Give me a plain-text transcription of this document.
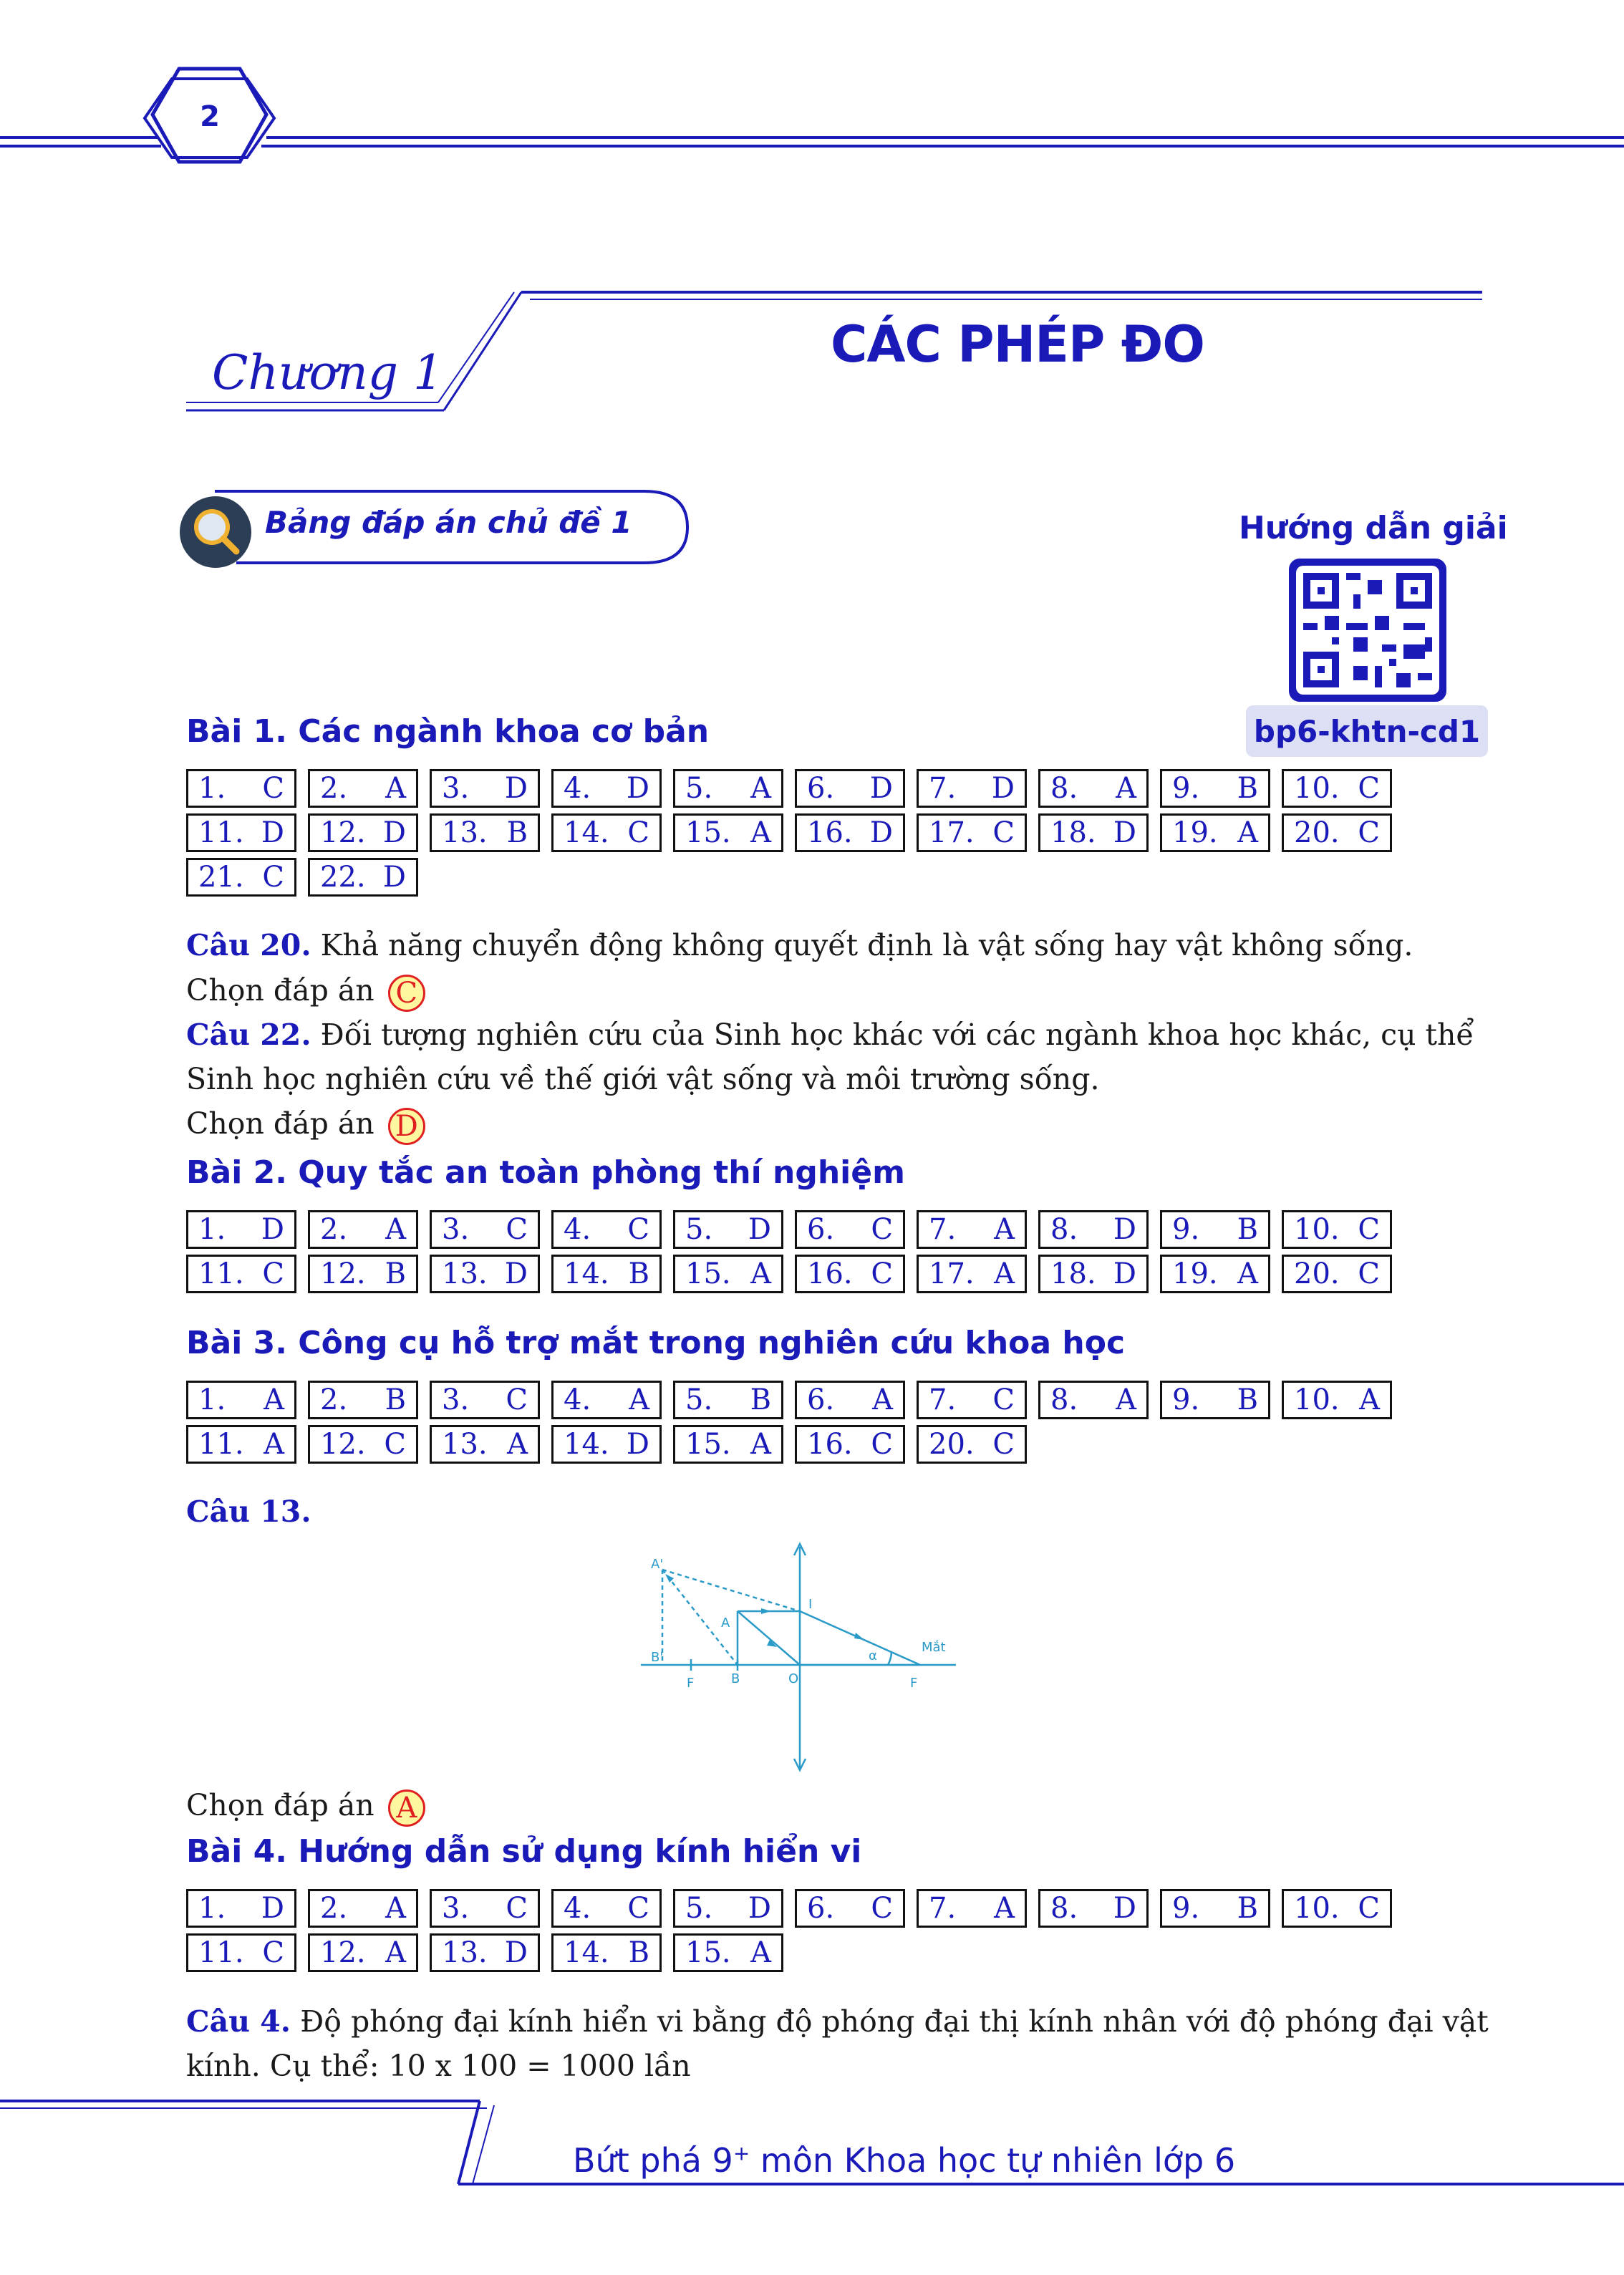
2
Chương 1	CÁC PHÉP ĐO
Bảng đáp án chủ đề 1	Hướng dẫn giải
bp6-khtn-cd1
Bài 1. Các ngành khoa cơ bản
1. C 2. A 3. D 4. D 5. A 6. D 7. D 8. A 9. B 10. C
11. D 12. D 13. B 14. C 15. A 16. D 17. C 18. D 19. A 20. C
21. C 22. D
Câu 20. Khả năng chuyển động không quyết định là vật sống hay vật không sống.
Chọn đáp án C
Câu 22. Đối tượng nghiên cứu của Sinh học khác với các ngành khoa học khác, cụ thể
Sinh học nghiên cứu về thế giới vật sống và môi trường sống.
Chọn đáp án D
Bài 2. Quy tắc an toàn phòng thí nghiệm
1. D 2. A 3. C 4. C 5. D 6. C 7. A 8. D 9. B 10. C
11. C 12. B 13. D 14. B 15. A 16. C 17. A 18. D 19. A 20. C
Bài 3. Công cụ hỗ trợ mắt trong nghiên cứu khoa học
1. A 2. B 3. C 4. A 5. B 6. A 7. C 8. A 9. B 10. A
11. A 12. C 13. A 14. D 15. A 16. C 20. C
Câu 13.
A'
B'
A
B
F	O	F
I
α
Mắt
Chọn đáp án A
Bài 4. Hướng dẫn sử dụng kính hiển vi
1. D 2. A 3. C 4. C 5. D 6. C 7. A 8. D 9. B 10. C
11. C 12. A 13. D 14. B 15. A
Câu 4. Độ phóng đại kính hiển vi bằng độ phóng đại thị kính nhân với độ phóng đại vật
kính. Cụ thể: 10 x 100 = 1000 lần
Bứt phá 9+ môn Khoa học tự nhiên lớp 6
